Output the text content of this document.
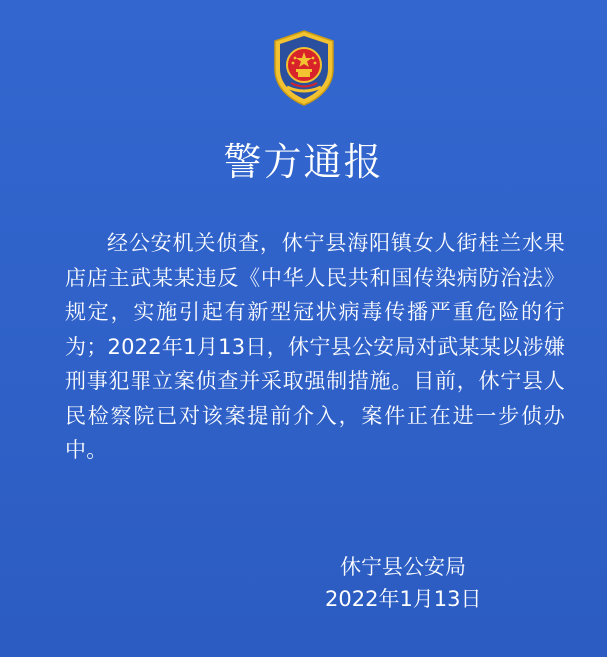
警方通报
经公安机关侦查，休宁县海阳镇女人街桂兰水果店店主武某某违反《中华人民共和国传染病防治法》规定，实施引起有新型冠状病毒传播严重危险的行为；2022年1月13日，休宁县公安局对武某某以涉嫌刑事犯罪立案侦查并采取强制措施。目前，休宁县人民检察院已对该案提前介入，案件正在进一步侦办中。
休宁县公安局
2022年1月13日
